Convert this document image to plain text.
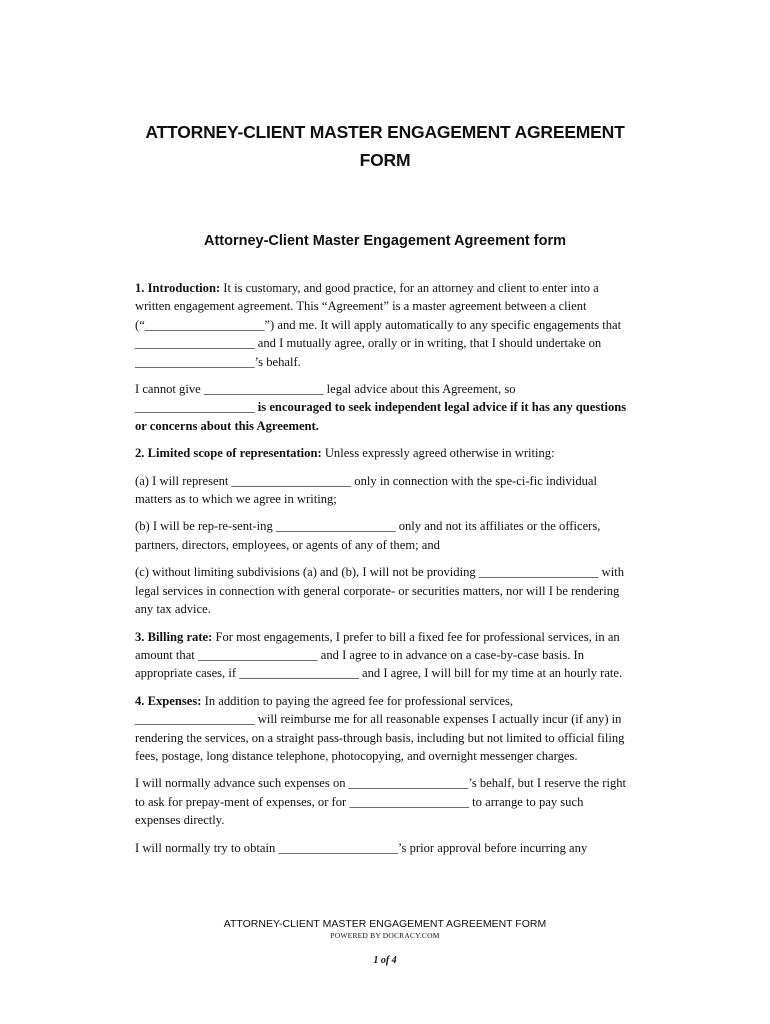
ATTORNEY-CLIENT MASTER ENGAGEMENT AGREEMENT
FORM
Attorney-Client Master Engagement Agreement form

1. Introduction: It is customary, and good practice, for an attorney and client to enter into a written engagement agreement. This “Agreement” is a master agreement between a client (“___________________”) and me. It will apply automatically to any specific engagements that ___________________ and I mutually agree, orally or in writing, that I should undertake on ___________________’s behalf.

I cannot give ___________________ legal advice about this Agreement, so ___________________ is encouraged to seek independent legal advice if it has any questions or concerns about this Agreement.

2. Limited scope of representation: Unless expressly agreed otherwise in writing:

(a) I will represent ___________________ only in connection with the spe-ci-fic individual matters as to which we agree in writing;

(b) I will be rep-re-sent-ing ___________________ only and not its affiliates or the officers, partners, directors, employees, or agents of any of them; and

(c) without limiting subdivisions (a) and (b), I will not be providing ___________________ with legal services in connection with general corporate- or securities matters, nor will I be rendering any tax advice.

3. Billing rate: For most engagements, I prefer to bill a fixed fee for professional services, in an amount that ___________________ and I agree to in advance on a case-by-case basis. In appropriate cases, if ___________________ and I agree, I will bill for my time at an hourly rate.

4. Expenses: In addition to paying the agreed fee for professional services, ___________________ will reimburse me for all reasonable expenses I actually incur (if any) in rendering the services, on a straight pass-through basis, including but not limited to official filing fees, postage, long distance telephone, photocopying, and overnight messenger charges.

I will normally advance such expenses on ___________________’s behalf, but I reserve the right to ask for prepay-ment of expenses, or for ___________________ to arrange to pay such expenses directly.

I will normally try to obtain ___________________’s prior approval before incurring any

ATTORNEY-CLIENT MASTER ENGAGEMENT AGREEMENT FORM
POWERED BY DOCRACY.COM
1 of 4
